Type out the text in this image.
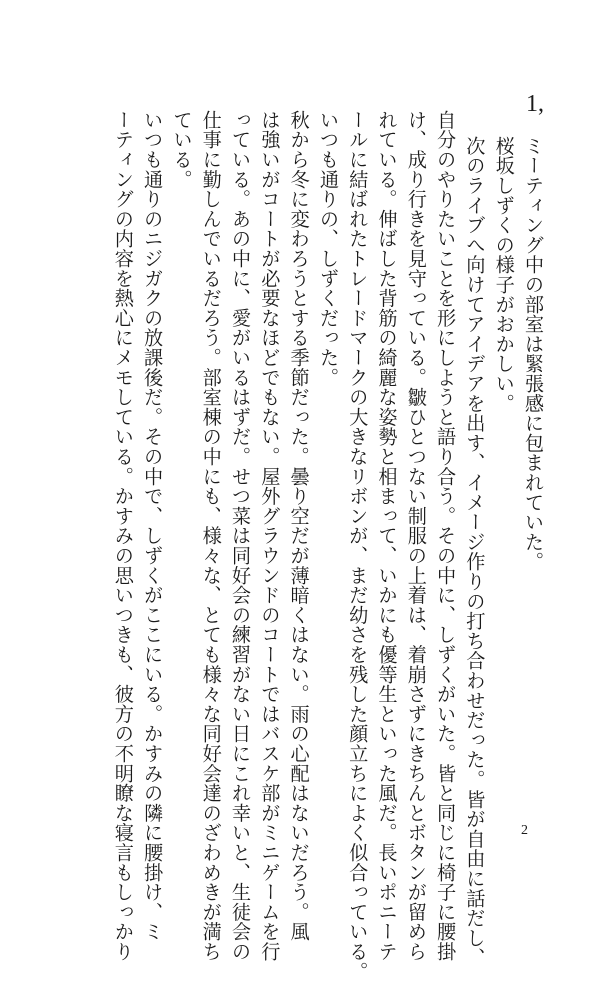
1,
ミーティング中の部室は緊張感に包まれていた。
桜坂しずくの様子がおかしい。
次のライブへ向けてアイデアを出す、イメージ作りの打ち合わせだった。皆が自由に話だし、
自分のやりたいことを形にしようと語り合う。その中に、しずくがいた。皆と同じに椅子に腰掛
け、成り行きを見守っている。皺ひとつない制服の上着は、着崩さずにきちんとボタンが留めら
れている。伸ばした背筋の綺麗な姿勢と相まって、いかにも優等生といった風だ。長いポニーテ
ールに結ばれたトレードマークの大きなリボンが、まだ幼さを残した顔立ちによく似合っている。
いつも通りの、しずくだった。
秋から冬に変わろうとする季節だった。曇り空だが薄暗くはない。雨の心配はないだろう。風
は強いがコートが必要なほどでもない。屋外グラウンドのコートではバスケ部がミニゲームを行
っている。あの中に、愛がいるはずだ。せつ菜は同好会の練習がない日にこれ幸いと、生徒会の
仕事に勤しんでいるだろう。部室棟の中にも、様々な、とても様々な同好会達のざわめきが満ち
ている。
いつも通りのニジガクの放課後だ。その中で、しずくがここにいる。かすみの隣に腰掛け、ミ
ーティングの内容を熱心にメモしている。かすみの思いつきも、彼方の不明瞭な寝言もしっかり	2
